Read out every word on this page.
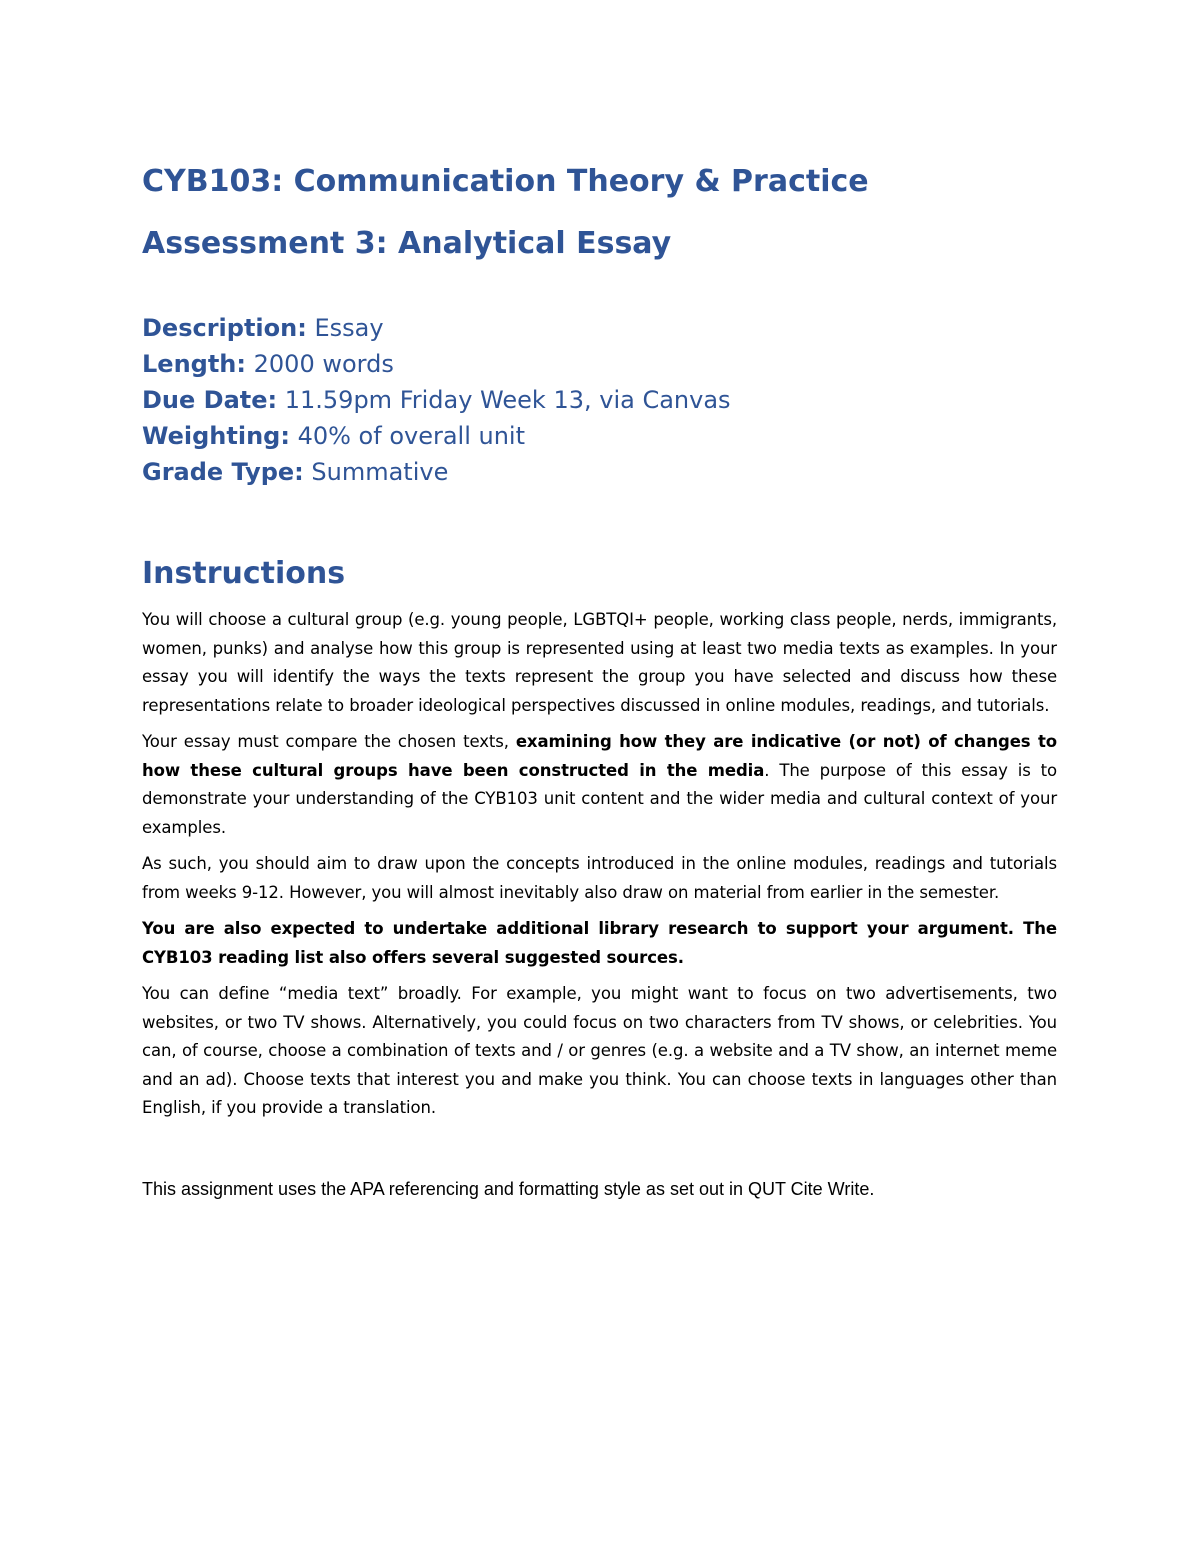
CYB103: Communication Theory & Practice
Assessment 3: Analytical Essay
Description: Essay
Length: 2000 words
Due Date: 11.59pm Friday Week 13, via Canvas
Weighting: 40% of overall unit
Grade Type: Summative
Instructions

You will choose a cultural group (e.g. young people, LGBTQI+ people, working class people, nerds, immigrants, women, punks) and analyse how this group is represented using at least two media texts as examples. In your essay you will identify the ways the texts represent the group you have selected and discuss how these representations relate to broader ideological perspectives discussed in online modules, readings, and tutorials.

Your essay must compare the chosen texts, examining how they are indicative (or not) of changes to how these cultural groups have been constructed in the media. The purpose of this essay is to demonstrate your understanding of the CYB103 unit content and the wider media and cultural context of your examples.

As such, you should aim to draw upon the concepts introduced in the online modules, readings and tutorials from weeks 9-12. However, you will almost inevitably also draw on material from earlier in the semester.

You are also expected to undertake additional library research to support your argument. The CYB103 reading list also offers several suggested sources.

You can define “media text” broadly. For example, you might want to focus on two advertisements, two websites, or two TV shows. Alternatively, you could focus on two characters from TV shows, or celebrities. You can, of course, choose a combination of texts and / or genres (e.g. a website and a TV show, an internet meme and an ad). Choose texts that interest you and make you think. You can choose texts in languages other than English, if you provide a translation.

This assignment uses the APA referencing and formatting style as set out in QUT Cite Write.
